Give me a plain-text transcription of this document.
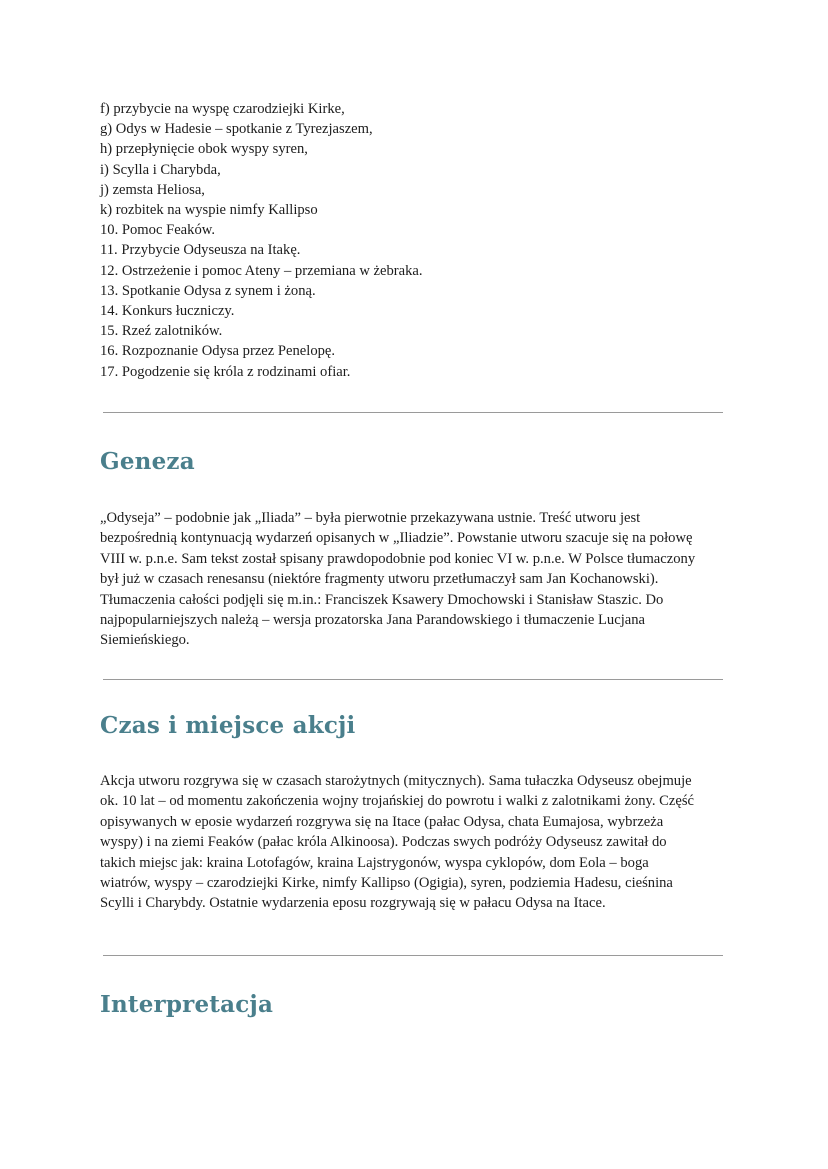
f) przybycie na wyspę czarodziejki Kirke,
g) Odys w Hadesie – spotkanie z Tyrezjaszem,
h) przepłynięcie obok wyspy syren,
i) Scylla i Charybda,
j) zemsta Heliosa,
k) rozbitek na wyspie nimfy Kallipso
10. Pomoc Feaków.
11. Przybycie Odyseusza na Itakę.
12. Ostrzeżenie i pomoc Ateny – przemiana w żebraka.
13. Spotkanie Odysa z synem i żoną.
14. Konkurs łuczniczy.
15. Rzeź zalotników.
16. Rozpoznanie Odysa przez Penelopę.
17. Pogodzenie się króla z rodzinami ofiar.
Geneza

„Odyseja” – podobnie jak „Iliada” – była pierwotnie przekazywana ustnie. Treść utworu jest
bezpośrednią kontynuacją wydarzeń opisanych w „Iliadzie”. Powstanie utworu szacuje się na połowę
VIII w. p.n.e. Sam tekst został spisany prawdopodobnie pod koniec VI w. p.n.e. W Polsce tłumaczony
był już w czasach renesansu (niektóre fragmenty utworu przetłumaczył sam Jan Kochanowski).
Tłumaczenia całości podjęli się m.in.: Franciszek Ksawery Dmochowski i Stanisław Staszic. Do
najpopularniejszych należą – wersja prozatorska Jana Parandowskiego i tłumaczenie Lucjana
Siemieńskiego.

Czas i miejsce akcji

Akcja utworu rozgrywa się w czasach starożytnych (mitycznych). Sama tułaczka Odyseusz obejmuje
ok. 10 lat – od momentu zakończenia wojny trojańskiej do powrotu i walki z zalotnikami żony. Część
opisywanych w eposie wydarzeń rozgrywa się na Itace (pałac Odysa, chata Eumajosa, wybrzeża
wyspy) i na ziemi Feaków (pałac króla Alkinoosa). Podczas swych podróży Odyseusz zawitał do
takich miejsc jak: kraina Lotofagów, kraina Lajstrygonów, wyspa cyklopów, dom Eola – boga
wiatrów, wyspy – czarodziejki Kirke, nimfy Kallipso (Ogigia), syren, podziemia Hadesu, cieśnina
Scylli i Charybdy. Ostatnie wydarzenia eposu rozgrywają się w pałacu Odysa na Itace.

Interpretacja
